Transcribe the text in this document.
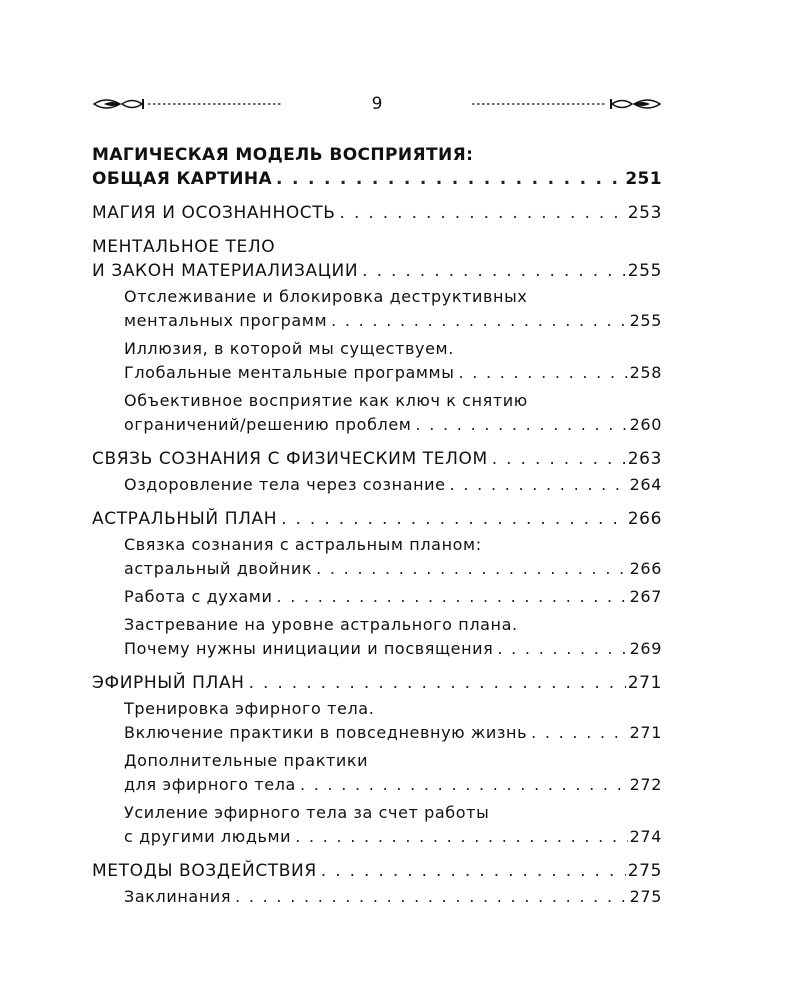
9
МАГИЧЕСКАЯ МОДЕЛЬ ВОСПРИЯТИЯ:
ОБЩАЯ КАРТИНА . . .	251
МАГИЯ И ОСОЗНАННОСТЬ . . .	253
МЕНТАЛЬНОЕ ТЕЛО
И ЗАКОН МАТЕРИАЛИЗАЦИИ . . .	255
Отслеживание и блокировка деструктивных
ментальных программ . . .	255
Иллюзия, в которой мы существуем.
Глобальные ментальные программы . . .	258
Объективное восприятие как ключ к снятию
ограничений/решению проблем . . .	260
СВЯЗЬ СОЗНАНИЯ С ФИЗИЧЕСКИМ ТЕЛОМ . . .	263
Оздоровление тела через сознание . . .	264
АСТРАЛЬНЫЙ ПЛАН . . .	266
Связка сознания с астральным планом:
астральный двойник . . .	266
Работа с духами . . .	267
Застревание на уровне астрального плана.
Почему нужны инициации и посвящения . . .	269
ЭФИРНЫЙ ПЛАН . . .	271
Тренировка эфирного тела.
Включение практики в повседневную жизнь . . .	271
Дополнительные практики
для эфирного тела . . .	272
Усиление эфирного тела за счет работы
с другими людьми . . .	274
МЕТОДЫ ВОЗДЕЙСТВИЯ . . .	275
Заклинания . . .	275
